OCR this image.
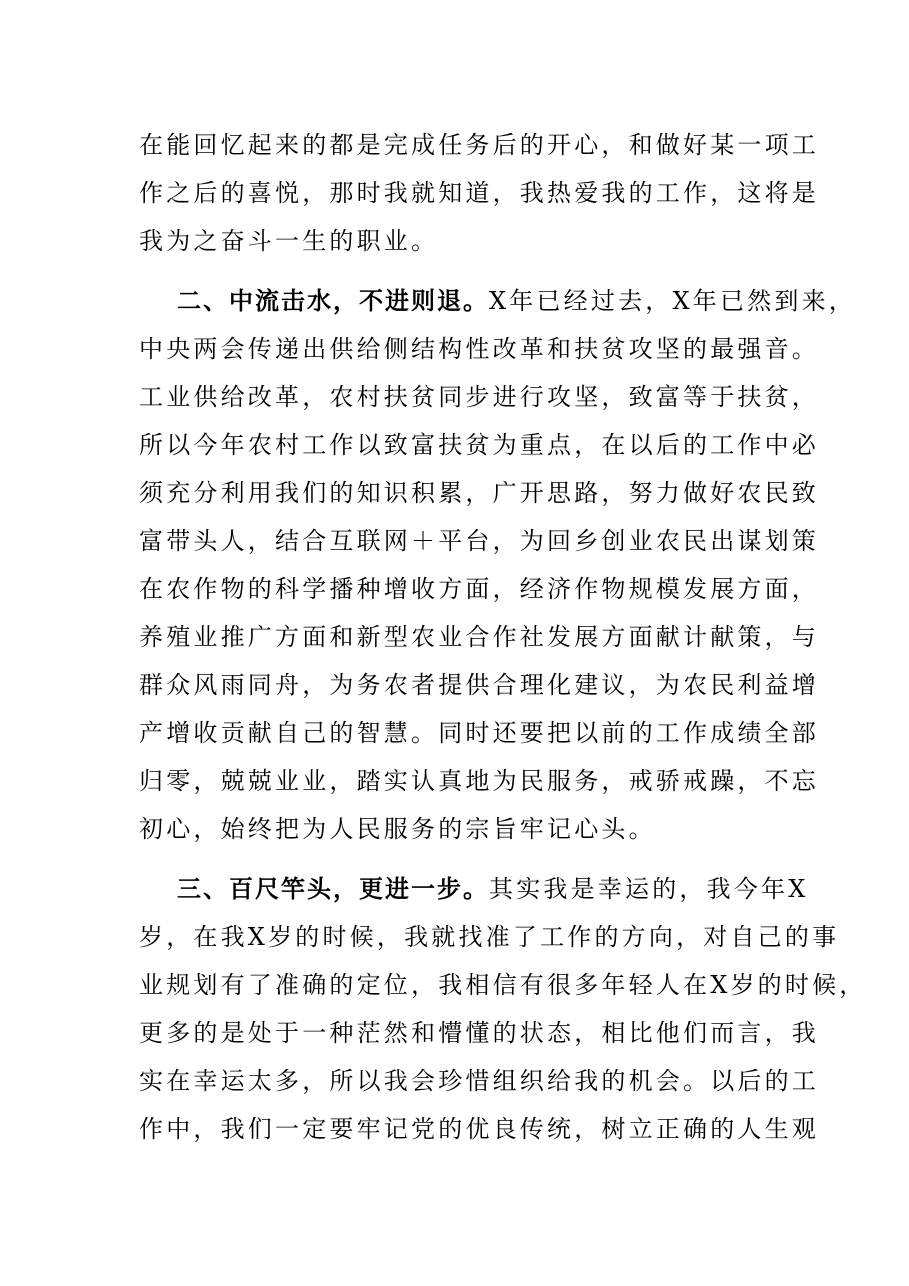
在能回忆起来的都是完成任务后的开心，和做好某一项工
作之后的喜悦，那时我就知道，我热爱我的工作，这将是
我为之奋斗一生的职业。
二、中流击水，不进则退。X年已经过去，X年已然到来，
中央两会传递出供给侧结构性改革和扶贫攻坚的最强音。
工业供给改革，农村扶贫同步进行攻坚，致富等于扶贫，
所以今年农村工作以致富扶贫为重点，在以后的工作中必
须充分利用我们的知识积累，广开思路，努力做好农民致
富带头人，结合互联网＋平台，为回乡创业农民出谋划策
在农作物的科学播种增收方面，经济作物规模发展方面，
养殖业推广方面和新型农业合作社发展方面献计献策，与
群众风雨同舟，为务农者提供合理化建议，为农民利益增
产增收贡献自己的智慧。同时还要把以前的工作成绩全部
归零，兢兢业业，踏实认真地为民服务，戒骄戒躁，不忘
初心，始终把为人民服务的宗旨牢记心头。
三、百尺竿头，更进一步。其实我是幸运的，我今年X
岁，在我X岁的时候，我就找准了工作的方向，对自己的事
业规划有了准确的定位，我相信有很多年轻人在X岁的时候，
更多的是处于一种茫然和懵懂的状态，相比他们而言，我
实在幸运太多，所以我会珍惜组织给我的机会。以后的工
作中，我们一定要牢记党的优良传统，树立正确的人生观
